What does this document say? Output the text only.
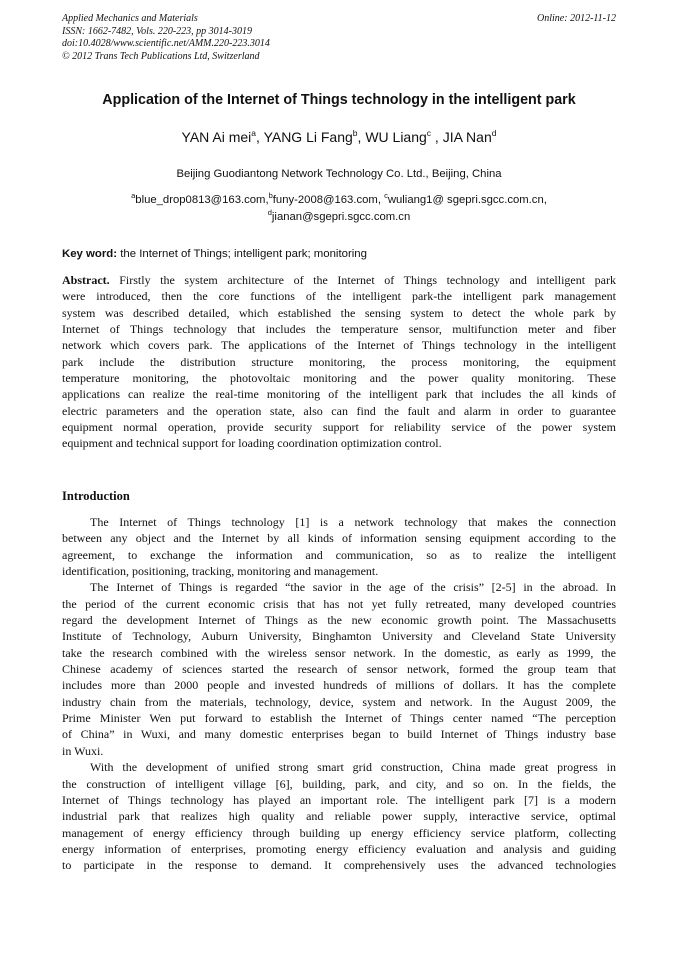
Applied Mechanics and Materials
ISSN: 1662-7482, Vols. 220-223, pp 3014-3019
doi:10.4028/www.scientific.net/AMM.220-223.3014
© 2012 Trans Tech Publications Ltd, Switzerland
Online: 2012-11-12
Application of the Internet of Things technology in the intelligent park
YAN Ai mei$^a$, YANG Li Fang$^b$, WU Liang$^c$ , JIA Nan$^d$
Beijing Guodiantong Network Technology Co. Ltd., Beijing, China
$^a$blue_drop0813@163.com,$^b$funy-2008@163.com, $^c$wuliang1@ sgepri.sgcc.com.cn,
$^d$jianan@sgepri.sgcc.com.cn
Key word: the Internet of Things; intelligent park; monitoring
Abstract. Firstly the system architecture of the Internet of Things technology and intelligent park
were introduced, then the core functions of the intelligent park-the intelligent park management
system was described detailed, which established the sensing system to detect the whole park by
Internet of Things technology that includes the temperature sensor, multifunction meter and fiber
network which covers park. The applications of the Internet of Things technology in the intelligent
park include the distribution structure monitoring, the process monitoring, the equipment
temperature monitoring, the photovoltaic monitoring and the power quality monitoring. These
applications can realize the real-time monitoring of the intelligent park that includes the all kinds of
electric parameters and the operation state, also can find the fault and alarm in order to guarantee
equipment normal operation, provide security support for reliability service of the power system
equipment and technical support for loading coordination optimization control.
Introduction
The Internet of Things technology [1] is a network technology that makes the connection
between any object and the Internet by all kinds of information sensing equipment according to the
agreement, to exchange the information and communication, so as to realize the intelligent
identification, positioning, tracking, monitoring and management.
The Internet of Things is regarded “the savior in the age of the crisis” [2-5] in the abroad. In
the period of the current economic crisis that has not yet fully retreated, many developed countries
regard the development Internet of Things as the new economic growth point. The Massachusetts
Institute of Technology, Auburn University, Binghamton University and Cleveland State University
take the research combined with the wireless sensor network. In the domestic, as early as 1999, the
Chinese academy of sciences started the research of sensor network, formed the group team that
includes more than 2000 people and invested hundreds of millions of dollars. It has the complete
industry chain from the materials, technology, device, system and network. In the August 2009, the
Prime Minister Wen put forward to establish the Internet of Things center named “The perception
of China” in Wuxi, and many domestic enterprises began to build Internet of Things industry base
in Wuxi.
With the development of unified strong smart grid construction, China made great progress in
the construction of intelligent village [6], building, park, and city, and so on. In the fields, the
Internet of Things technology has played an important role. The intelligent park [7] is a modern
industrial park that realizes high quality and reliable power supply, interactive service, optimal
management of energy efficiency through building up energy efficiency service platform, collecting
energy information of enterprises, promoting energy efficiency evaluation and analysis and guiding
to participate in the response to demand. It comprehensively uses the advanced technologies
